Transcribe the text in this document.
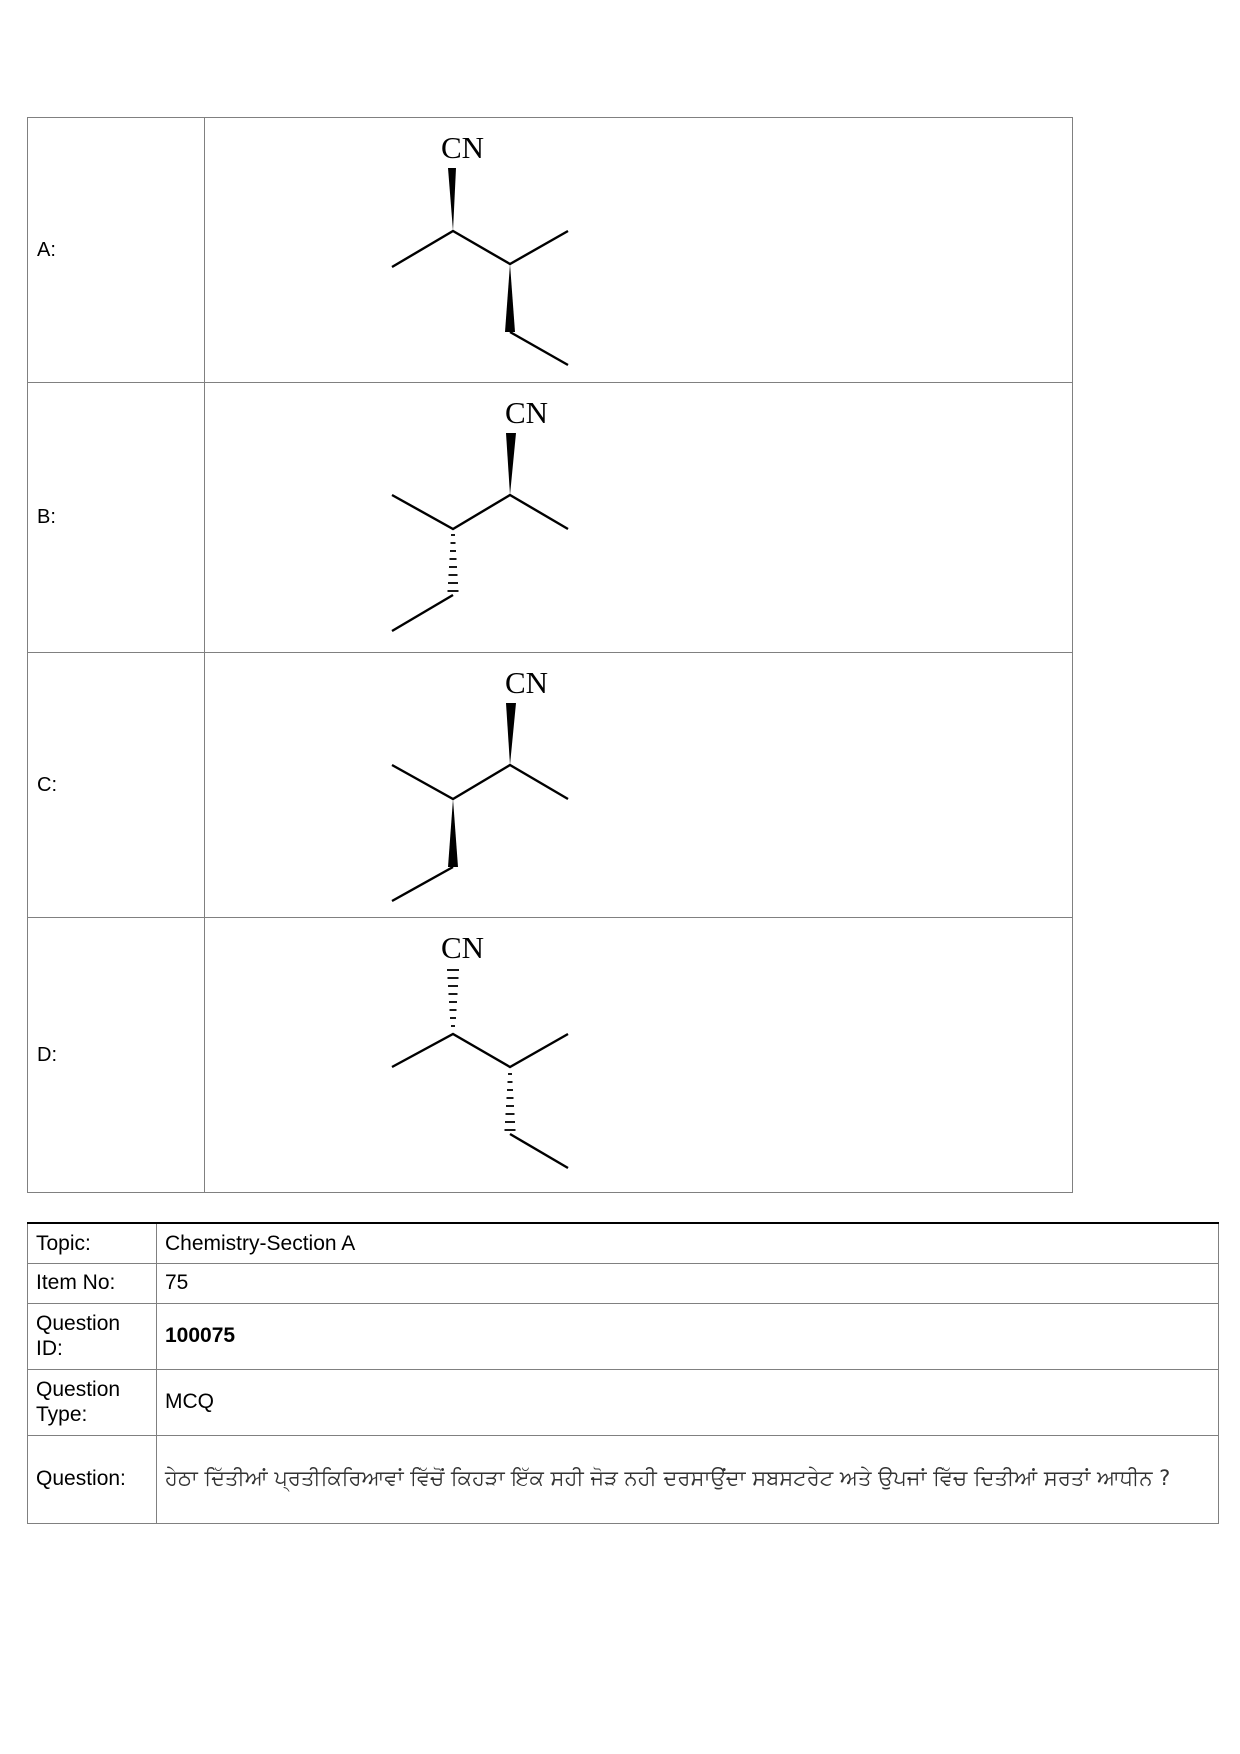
A:	CN

B:	CN

C:	CN

D:	CN
Topic:	Chemistry-Section A
Item No:	75
Question ID:	100075
Question Type:	MCQ
Question:	ਹੇਠਾ ਦਿੱਤੀਆਂ ਪ੍ਰਤੀਕਿਰਿਆਵਾਂ ਵਿੱਚੋਂ ਕਿਹੜਾ ਇੱਕ ਸਹੀ ਜੋੜ ਨਹੀ ਦਰਸਾਉਂਦਾ ਸਬਸਟਰੇਟ ਅਤੇ ਉਪਜਾਂ ਵਿੱਚ ਦਿਤੀਆਂ ਸਰਤਾਂ ਆਧੀਨ ?
